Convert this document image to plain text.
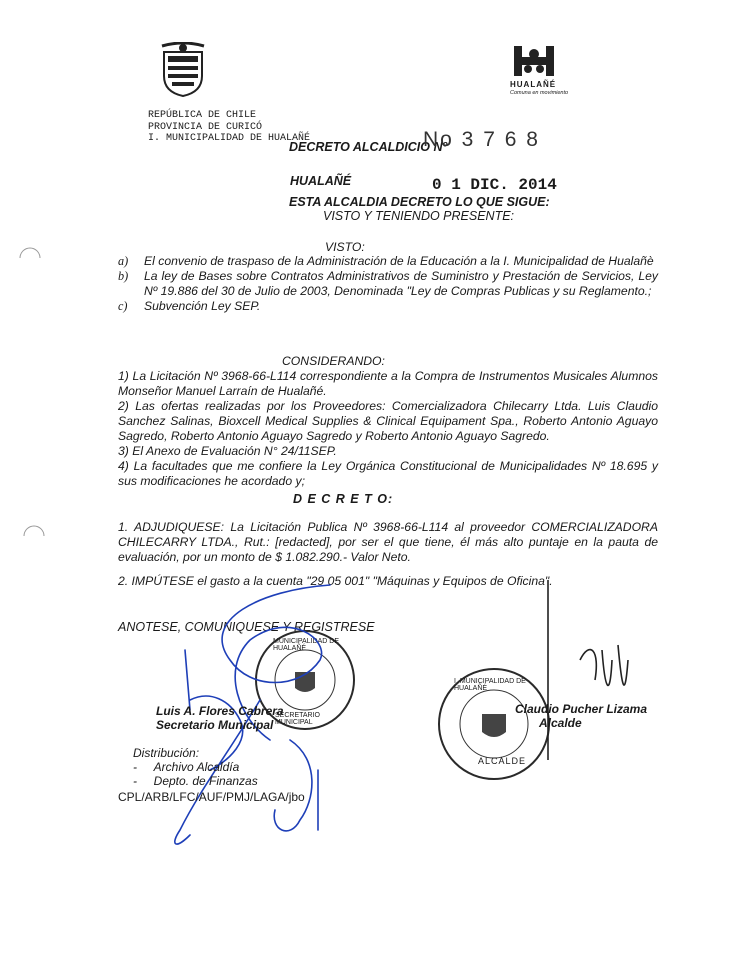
HUALAÑÉ
Comuna en movimiento
REPÚBLICA DE CHILE
PROVINCIA DE CURICÓ
I. MUNICIPALIDAD DE HUALAÑÉ
DECRETO ALCALDICIO Nº
No 3 7 6 8
HUALAÑÉ	0 1 DIC. 2014
ESTA ALCALDIA DECRETO LO QUE SIGUE:
VISTO Y TENIENDO PRESENTE:
VISTO:
a)	El convenio de traspaso de la Administración de la Educación a la I. Municipalidad de Hualañè
b)	La ley de Bases sobre Contratos Administrativos de Suministro y Prestación de Servicios, Ley Nº 19.886 del 30 de Julio de 2003, Denominada "Ley de Compras Publicas y su Reglamento.;
c)	Subvención Ley SEP.
CONSIDERANDO:
1) La Licitación Nº 3968-66-L114 correspondiente a la Compra de Instrumentos Musicales Alumnos Monseñor Manuel Larraín de Hualañé.
2) Las ofertas realizadas por los Proveedores: Comercializadora Chilecarry Ltda. Luis Claudio Sanchez Salinas, Bioxcell Medical Supplies & Clinical Equipament Spa., Roberto Antonio Aguayo Sagredo, Roberto Antonio Aguayo Sagredo y Roberto Antonio Aguayo Sagredo.
3) El Anexo de Evaluación N° 24/11SEP.
4) La facultades que me confiere la Ley Orgánica Constitucional de Municipalidades Nº 18.695 y sus modificaciones he acordado y;
D E C R E T O:
1. ADJUDIQUESE: La Licitación Publica Nº 3968-66-L114 al proveedor COMERCIALIZADORA CHILECARRY LTDA., Rut.: [redacted], por ser el que tiene, él más alto puntaje en la pauta de evaluación, por un monto de $ 1.082.290.- Valor Neto.
2. IMPÚTESE el gasto a la cuenta "29 05 001" "Máquinas y Equipos de Oficina".
ANOTESE, COMUNIQUESE Y REGISTRESE
MUNICIPALIDAD DE HUALAÑÉ
SECRETARIO MUNICIPAL
I. MUNICIPALIDAD DE HUALAÑÉ
ALCALDE
Luis A. Flores Cabrera
Secretario Municipal
Claudio Pucher Lizama
Alcalde
Distribución:
-     Archivo Alcaldía
-     Depto. de Finanzas
CPL/ARB/LFC/AUF/PMJ/LAGA/jbo
